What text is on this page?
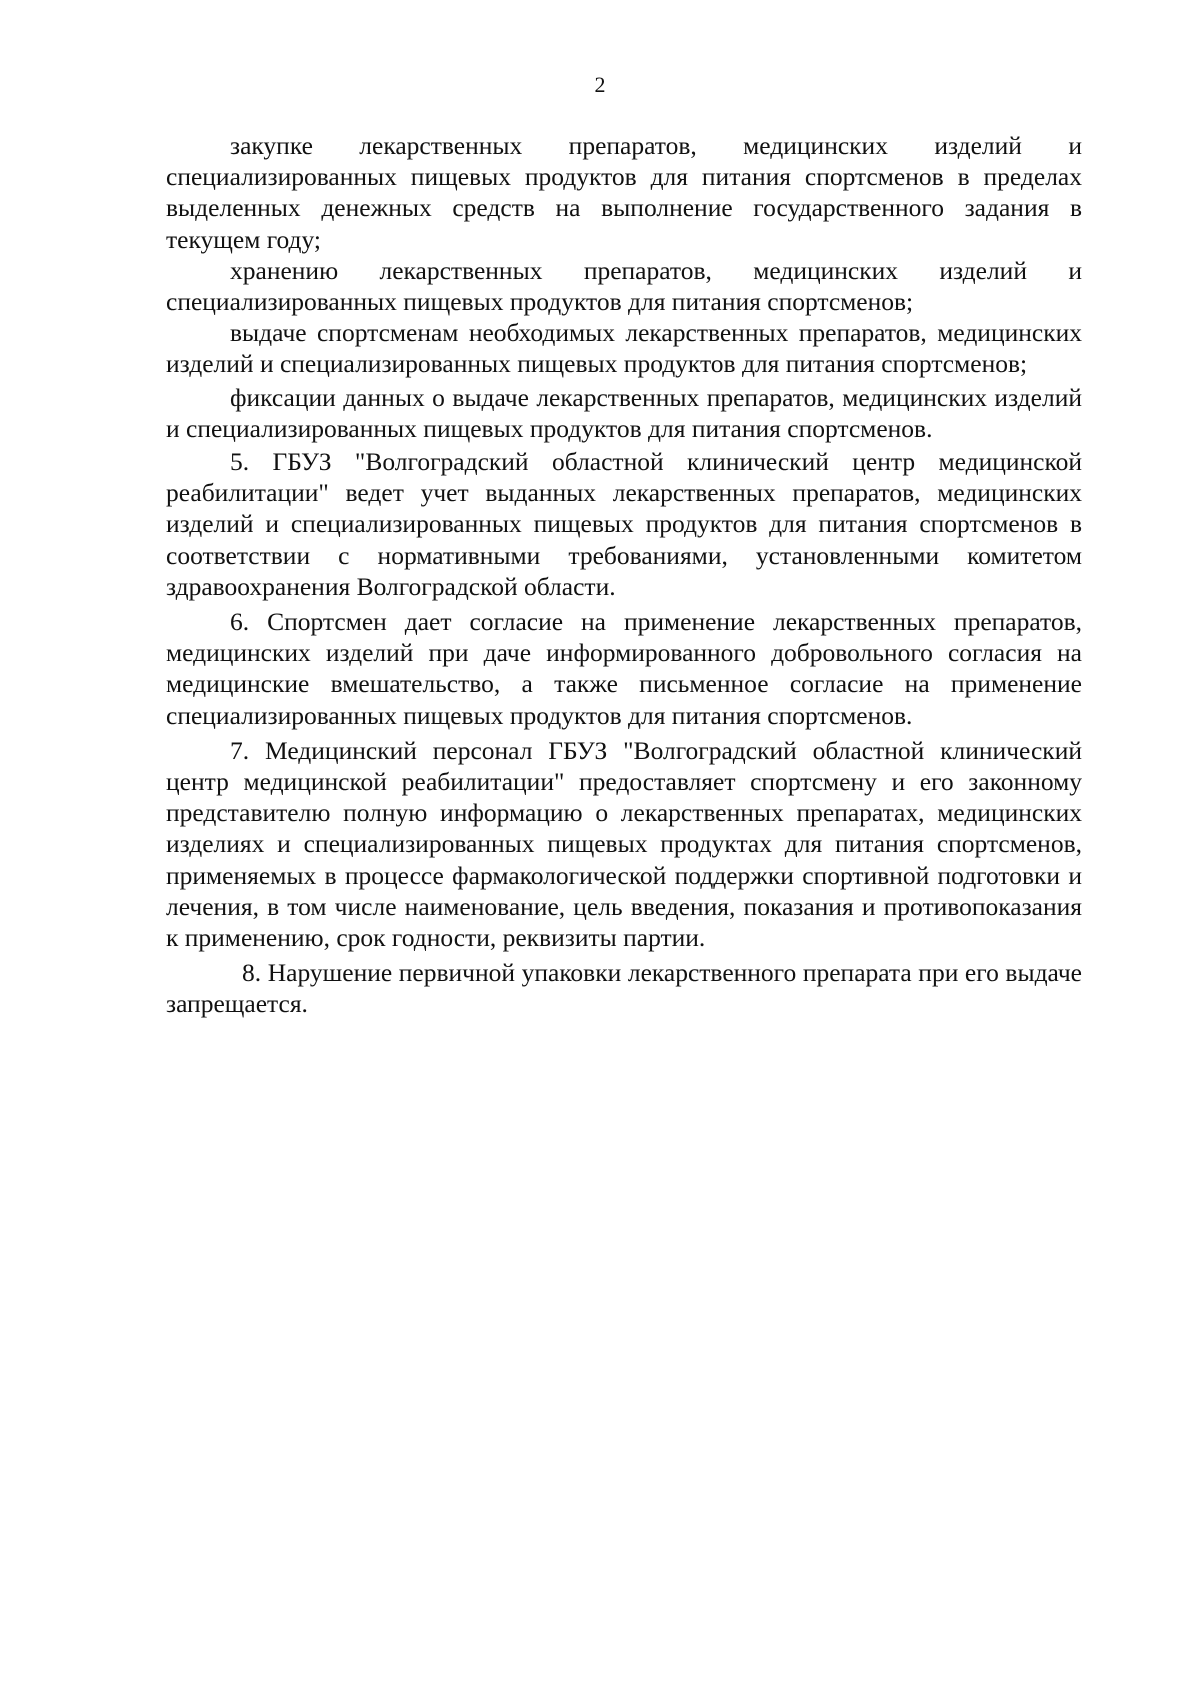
2

закупке лекарственных препаратов, медицинских изделий и специализированных пищевых продуктов для питания спортсменов в пределах выделенных денежных средств на выполнение государственного задания в текущем году;

хранению лекарственных препаратов, медицинских изделий и специализированных пищевых продуктов для питания спортсменов;

выдаче спортсменам необходимых лекарственных препаратов, медицинских изделий и специализированных пищевых продуктов для питания спортсменов;

фиксации данных о выдаче лекарственных препаратов, медицинских изделий и специализированных пищевых продуктов для питания спортсменов.

5. ГБУЗ "Волгоградский областной клинический центр медицинской реабилитации" ведет учет выданных лекарственных препаратов, медицинских изделий и специализированных пищевых продуктов для питания спортсменов в соответствии с нормативными требованиями, установленными комитетом здравоохранения Волгоградской области.

6. Спортсмен дает согласие на применение лекарственных препаратов, медицинских изделий при даче информированного добровольного согласия на медицинские вмешательство, а также письменное согласие на применение специализированных пищевых продуктов для питания спортсменов.

7. Медицинский персонал ГБУЗ "Волгоградский областной клинический центр медицинской реабилитации" предоставляет спортсмену и его законному представителю полную информацию о лекарственных препаратах, медицинских изделиях и специализированных пищевых продуктах для питания спортсменов, применяемых в процессе фармакологической поддержки спортивной подготовки и лечения, в том числе наименование, цель введения, показания и противопоказания к применению, срок годности, реквизиты партии.

8. Нарушение первичной упаковки лекарственного препарата при его выдаче запрещается.
